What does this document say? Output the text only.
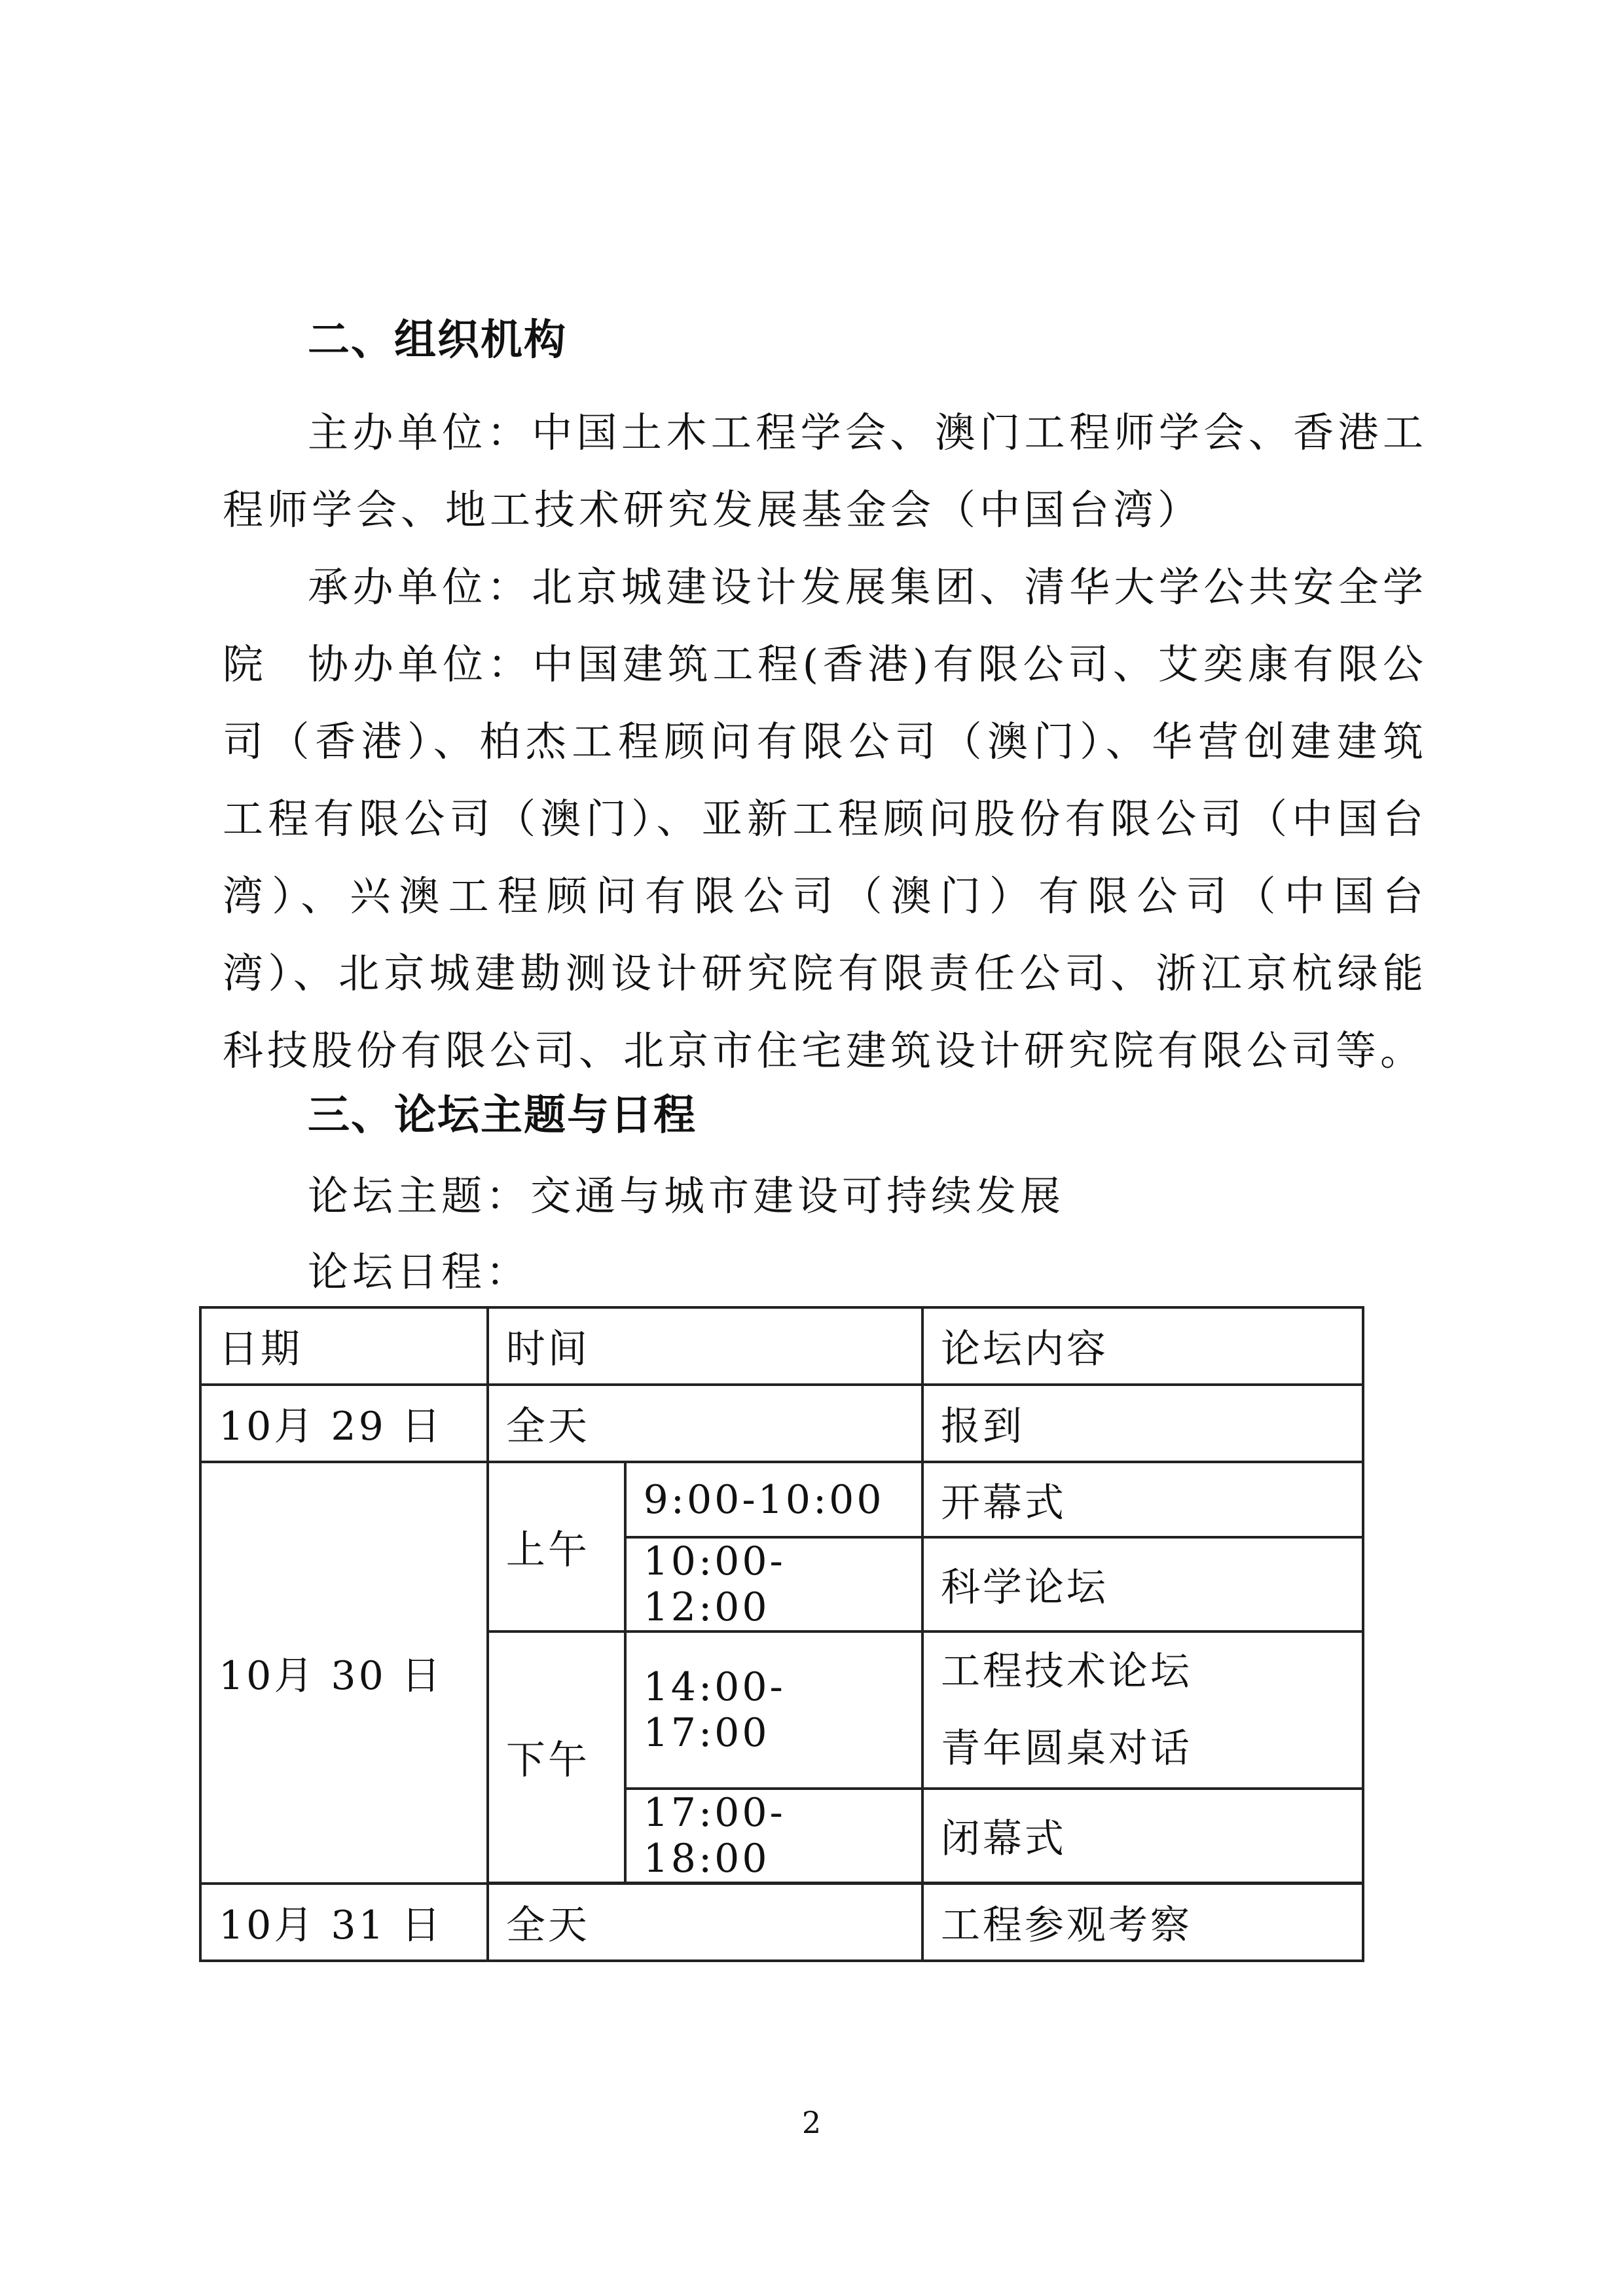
二、组织机构

主办单位：中国土木工程学会、澳门工程师学会、香港工程师学会、地工技术研究发展基金会（中国台湾）

承办单位：北京城建设计发展集团、清华大学公共安全学院 协办单位：中国建筑工程(香港)有限公司、艾奕康有限公司（香港）、柏杰工程顾问有限公司（澳门）、华营创建建筑工程有限公司（澳门）、亚新工程顾问股份有限公司（中国台湾）、兴澳工程顾问有限公司（澳门）有限公司（中国台湾）、北京城建勘测设计研究院有限责任公司、浙江京杭绿能科技股份有限公司、北京市住宅建筑设计研究院有限公司等。

三、论坛主题与日程

论坛主题：交通与城市建设可持续发展

论坛日程：

日期	时间		论坛内容
10月 29 日	全天		报到
10月 30 日	上午	9:00-10:00	开幕式
		10:00-12:00	科学论坛
	下午	14:00-17:00	工程技术论坛
青年圆桌对话

		17:00-18:00	闭幕式

10月 31 日	全天		工程参观考察
2
